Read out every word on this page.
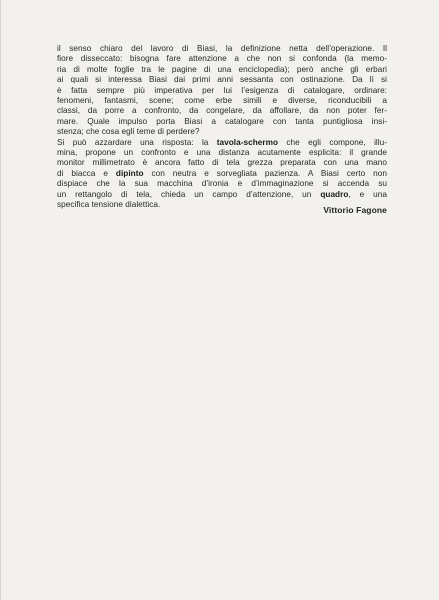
il senso chiaro del lavoro di Biasi, la definizione netta dell’operazione. Il
fiore disseccato: bisogna fare attenzione a che non si confonda (la memo-
ria di molte foglie tra le pagine di una enciclopedia); però anche gli erbari
ai quali si interessa Biasi dai primi anni sessanta con ostinazione. Da lì si
è fatta sempre più imperativa per lui l’esigenza di catalogare, ordinare:
fenomeni, fantasmi, scene; come erbe simili e diverse, riconducibili a
classi, da porre a confronto, da congelare, da affollare, da non poter fer-
mare. Quale impulso porta Biasi a catalogare con tanta puntigliosa insi-
stenza; che cosa egli teme di perdere?
Si può azzardare una risposta: la tavola-schermo che egli compone, illu-
mina, propone un confronto e una distanza acutamente esplicita: il grande
monitor millimetrato è ancora fatto di tela grezza preparata con una mano
di biacca e dipinto con neutra e sorvegliata pazienza. A Biasi certo non
dispiace che la sua macchina d’ironia e d’immaginazione si accenda su
un rettangolo di tela, chieda un campo d’attenzione, un quadro, e una
specifica tensione dialettica.
Vittorio Fagone
